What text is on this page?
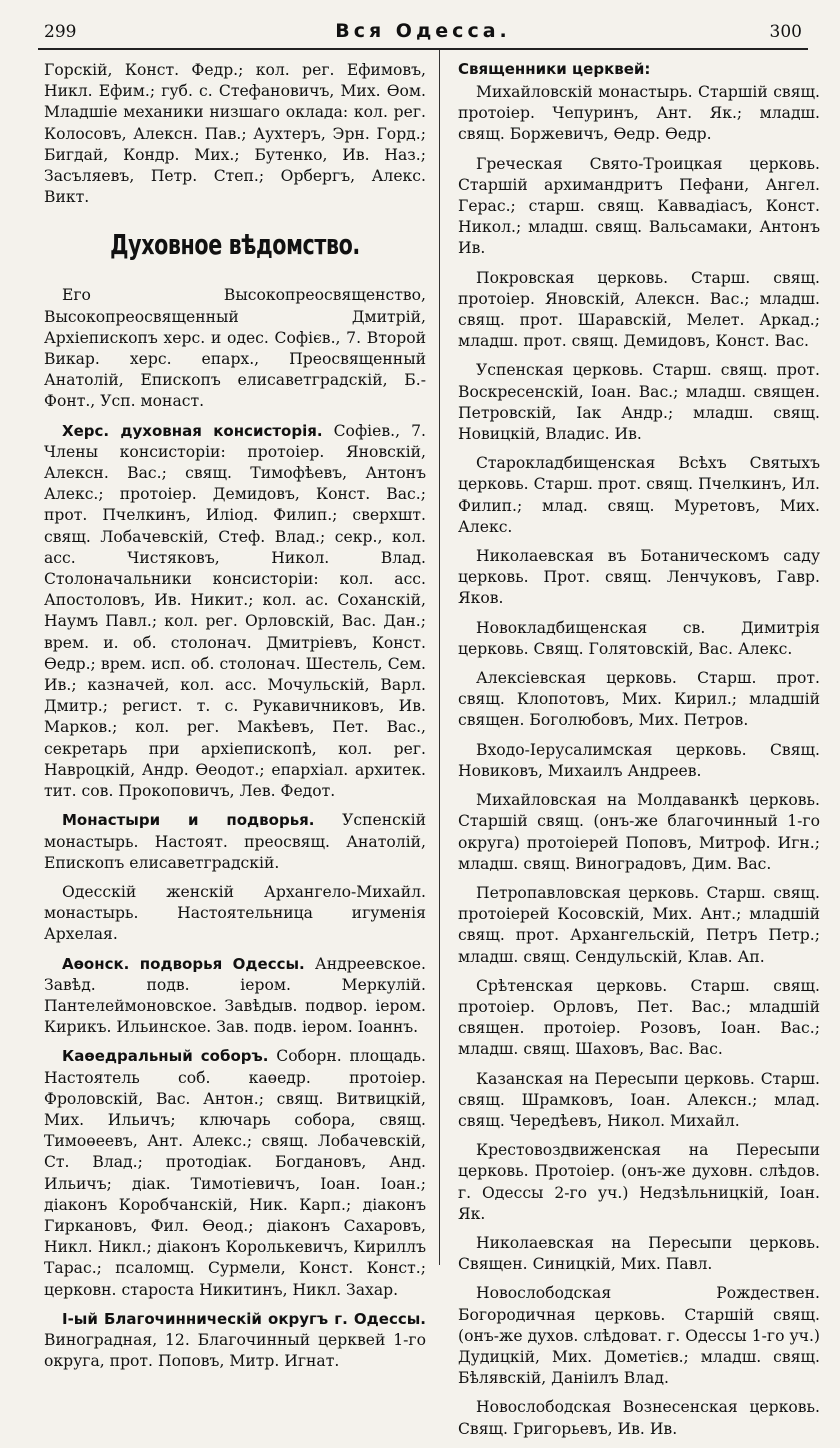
299	Вся Одесса.	300

Горскій, Конст. Федр.; кол. рег. Ефимовъ, Никл. Ефим.; губ. с. Стефановичъ, Мих. Өом. Младшіе механики низшаго оклада: кол. рег. Колосовъ, Алексн. Пав.; Аухтеръ, Эрн. Горд.; Бигдай, Кондр. Мих.; Бутенко, Ив. Наз.; Засъляевъ, Петр. Степ.; Орбергъ, Алекс. Викт.

Духовное вѣдомство.

Его Высокопреосвященство, Высокопреосвященный Дмитрій, Архіепископъ херс. и одес. Софієв., 7. Второй Викар. херс. епарх., Преосвященный Анатолій, Епископъ елисаветградскій, Б.-Фонт., Усп. монаст.

Херс. духовная консисторія. Софіев., 7. Члены консисторіи: протоіер. Яновскій, Алексн. Вас.; свящ. Тимофѣевъ, Антонъ Алекс.; протоіер. Демидовъ, Конст. Вас.; прот. Пчелкинъ, Иліод. Филип.; сверхшт. свящ. Лобачевскій, Стеф. Влад.; секр., кол. асс. Чистяковъ, Никол. Влад. Столоначальники консисторіи: кол. асс. Апостоловъ, Ив. Никит.; кол. ас. Соханскій, Наумъ Павл.; кол. рег. Орловскій, Вас. Дан.; врем. и. об. столонач. Дмитріевъ, Конст. Өедр.; врем. исп. об. столонач. Шестель, Сем. Ив.; казначей, кол. асс. Мочульскій, Варл. Дмитр.; регист. т. с. Рукавичниковъ, Ив. Марков.; кол. рег. Макѣевъ, Пет. Вас., секретарь при архіепископѣ, кол. рег. Навроцкій, Андр. Өеодот.; епархіал. архитек. тит. сов. Прокоповичъ, Лев. Федот.

Монастыри и подворья. Успенскій монастырь. Настоят. преосвящ. Анатолій, Епископъ елисаветградскій.

Одесскій женскій Архангело-Михайл. монастырь. Настоятельница игуменія Архелая.

Аөонск. подворья Одессы. Андреевское. Завѣд. подв. іером. Меркулій. Пантелеймоновское. Завѣдыв. подвор. іером. Кирикъ. Ильинское. Зав. подв. іером. Іоаннъ.

Каөедральный соборъ. Соборн. площадь. Настоятель соб. каөедр. протоіер. Фроловскій, Вас. Антон.; свящ. Витвицкій, Мих. Ильичъ; ключарь собора, свящ. Тимоөеевъ, Ант. Алекс.; свящ. Лобачевскій, Ст. Влад.; протодіак. Богдановъ, Анд. Ильичъ; діак. Тимотіевичъ, Іоан. Іоан.; діаконъ Коробчанскій, Ник. Карп.; діаконъ Гиркановъ, Фил. Өеод.; діаконъ Сахаровъ, Никл. Никл.; діаконъ Королькевичъ, Кириллъ Тарас.; псаломщ. Сурмели, Конст. Конст.; церковн. староста Никитинъ, Никл. Захар.

І-ый Благочинническій округъ г. Одессы. Виноградная, 12. Благочинный церквей 1-го округа, прот. Поповъ, Митр. Игнат.

Священники церквей:

Михайловскій монастырь. Старшій свящ. протоіер. Чепуринъ, Ант. Як.; младш. свящ. Боржевичъ, Өедр. Өедр.

Греческая Свято-Троицкая церковь. Старшій архимандритъ Пефани, Ангел. Герас.; старш. свящ. Каввадіасъ, Конст. Никол.; младш. свящ. Вальсамаки, Антонъ Ив.

Покровская церковь. Старш. свящ. протоіер. Яновскій, Алексн. Вас.; младш. свящ. прот. Шаравскій, Мелет. Аркад.; младш. прот. свящ. Демидовъ, Конст. Вас.

Успенская церковь. Старш. свящ. прот. Воскресенскій, Іоан. Вас.; младш. священ. Петровскій, Іак Андр.; младш. свящ. Новицкій, Владис. Ив.

Староклaдбищенская Всѣхъ Святыхъ церковь. Старш. прот. свящ. Пчелкинъ, Ил. Филип.; млад. свящ. Муретовъ, Мих. Алекс.

Николаевская въ Ботаническомъ саду церковь. Прот. свящ. Ленчуковъ, Гавр. Яков.

Новокладбищенская св. Димитрія церковь. Свящ. Голятовскій, Вас. Алекс.

Алексіевская церковь. Старш. прот. свящ. Клопотовъ, Мих. Кирил.; младшій священ. Боголюбовъ, Мих. Петров.

Входо-Іерусалимская церковь. Свящ. Новиковъ, Михаилъ Андреев.

Михайловская на Молдаванкѣ церковь. Старшій свящ. (онъ-же благочинный 1-го округа) протоіерей Поповъ, Митроф. Игн.; младш. свящ. Виноградовъ, Дим. Вас.

Петропавловская церковь. Старш. свящ. протоіерей Косовскій, Мих. Ант.; младшій свящ. прот. Архангельскій, Петръ Петр.; младш. свящ. Сендульскій, Клав. Ап.

Срѣтенская церковь. Старш. свящ. протоіер. Орловъ, Пет. Вас.; младшій священ. протоіер. Розовъ, Іоан. Вас.; младш. свящ. Шаховъ, Вас. Вас.

Казанская на Пересыпи церковь. Старш. свящ. Шрамковъ, Іоан. Алексн.; млад. свящ. Чередѣевъ, Никол. Михайл.

Крестовоздвиженская на Пересыпи церковь. Протоіер. (онъ-же духовн. слѣдов. г. Одессы 2-го уч.) Недзѣльницкій, Іоан. Як.

Николаевская на Пересыпи церковь. Священ. Синицкій, Мих. Павл.

Новослободская Рождествен. Богородичная церковь. Старшій свящ. (онъ-же духов. слѣдоват. г. Одессы 1-го уч.) Дудицкій, Мих. Дометієв.; младш. свящ. Бѣлявскій, Даніилъ Влад.

Новослободская Вознесенская церковь. Свящ. Григорьевъ, Ив. Ив.
